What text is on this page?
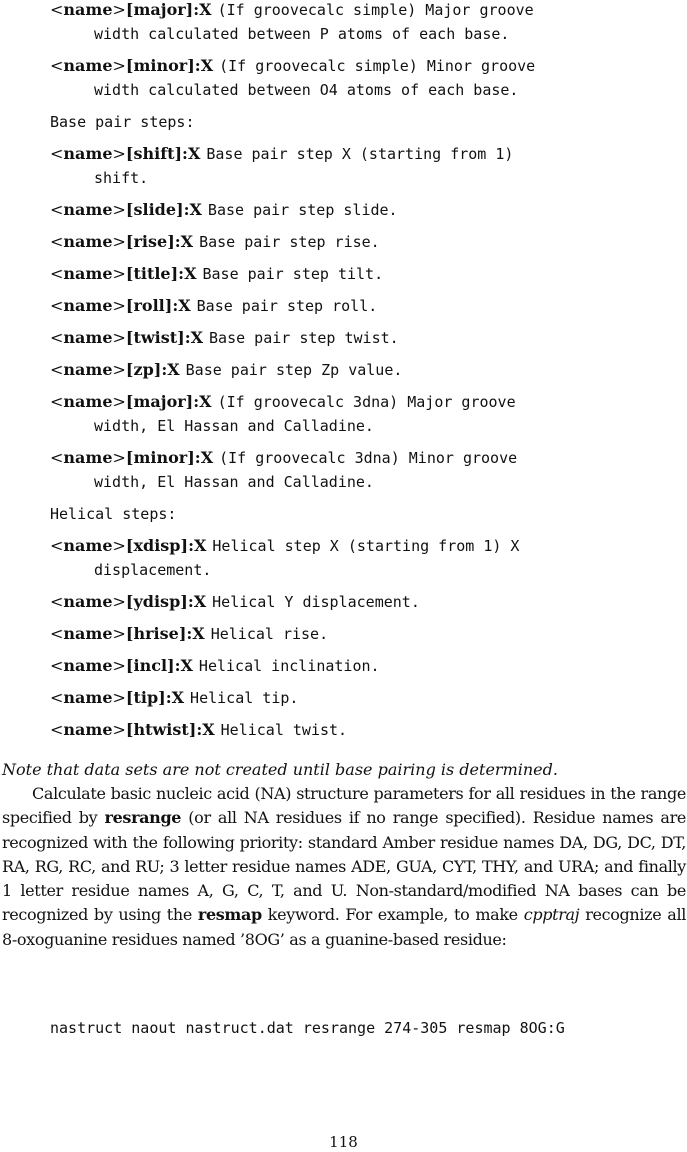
<name>[major]:X (If groovecalc simple) Major groove
width calculated between P atoms of each base.
<name>[minor]:X (If groovecalc simple) Minor groove
width calculated between O4 atoms of each base.
Base pair steps:
<name>[shift]:X Base pair step X (starting from 1)
shift.
<name>[slide]:X Base pair step slide.
<name>[rise]:X Base pair step rise.
<name>[title]:X Base pair step tilt.
<name>[roll]:X Base pair step roll.
<name>[twist]:X Base pair step twist.
<name>[zp]:X Base pair step Zp value.
<name>[major]:X (If groovecalc 3dna) Major groove
width, El Hassan and Calladine.
<name>[minor]:X (If groovecalc 3dna) Minor groove
width, El Hassan and Calladine.
Helical steps:
<name>[xdisp]:X Helical step X (starting from 1) X
displacement.
<name>[ydisp]:X Helical Y displacement.
<name>[hrise]:X Helical rise.
<name>[incl]:X Helical inclination.
<name>[tip]:X Helical tip.
<name>[htwist]:X Helical twist.
Note that data sets are not created until base pairing is determined.
Calculate basic nucleic acid (NA) structure parameters for all residues in the range specified by resrange (or all NA residues if no range specified). Residue names are recognized with the following priority: standard Amber residue names DA, DG, DC, DT, RA, RG, RC, and RU; 3 letter residue names ADE, GUA, CYT, THY, and URA; and finally 1 letter residue names A, G, C, T, and U. Non-standard/modified NA bases can be recognized by using the resmap keyword. For example, to make cpptraj recognize all 8-oxoguanine residues named ’8OG’ as a guanine-based residue:
nastruct naout nastruct.dat resrange 274-305 resmap 8OG:G
118
